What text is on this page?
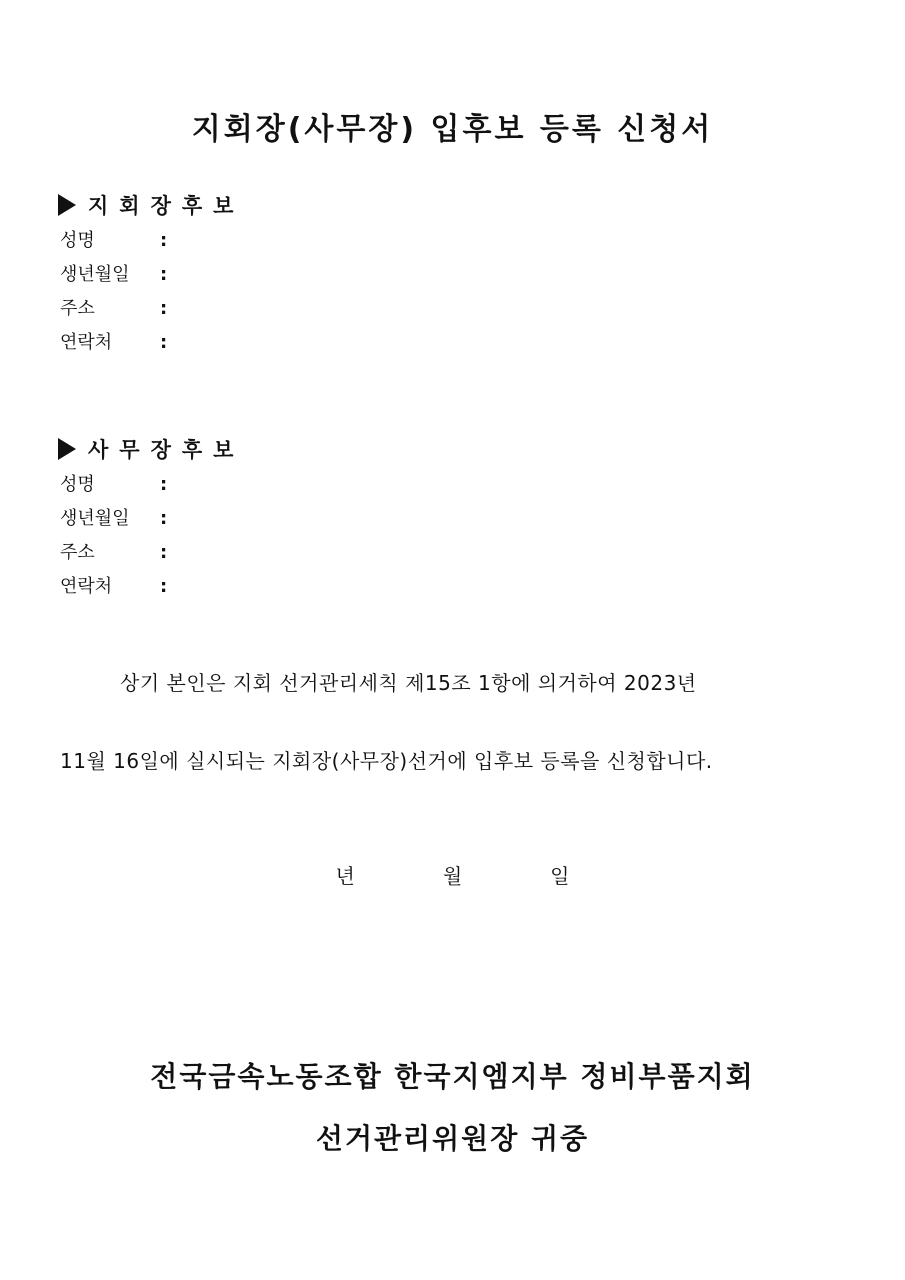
지회장(사무장) 입후보 등록 신청서
지회장후보
성명	:
생년월일 :
주소	:
연락처	:
사무장후보
성명	:
생년월일 :
주소	:
연락처	:
상기 본인은 지회 선거관리세칙 제15조 1항에 의거하여 2023년
11월 16일에 실시되는 지회장(사무장)선거에 입후보 등록을 신청합니다.
년	월	일
전국금속노동조합 한국지엠지부 정비부품지회
선거관리위원장 귀중
